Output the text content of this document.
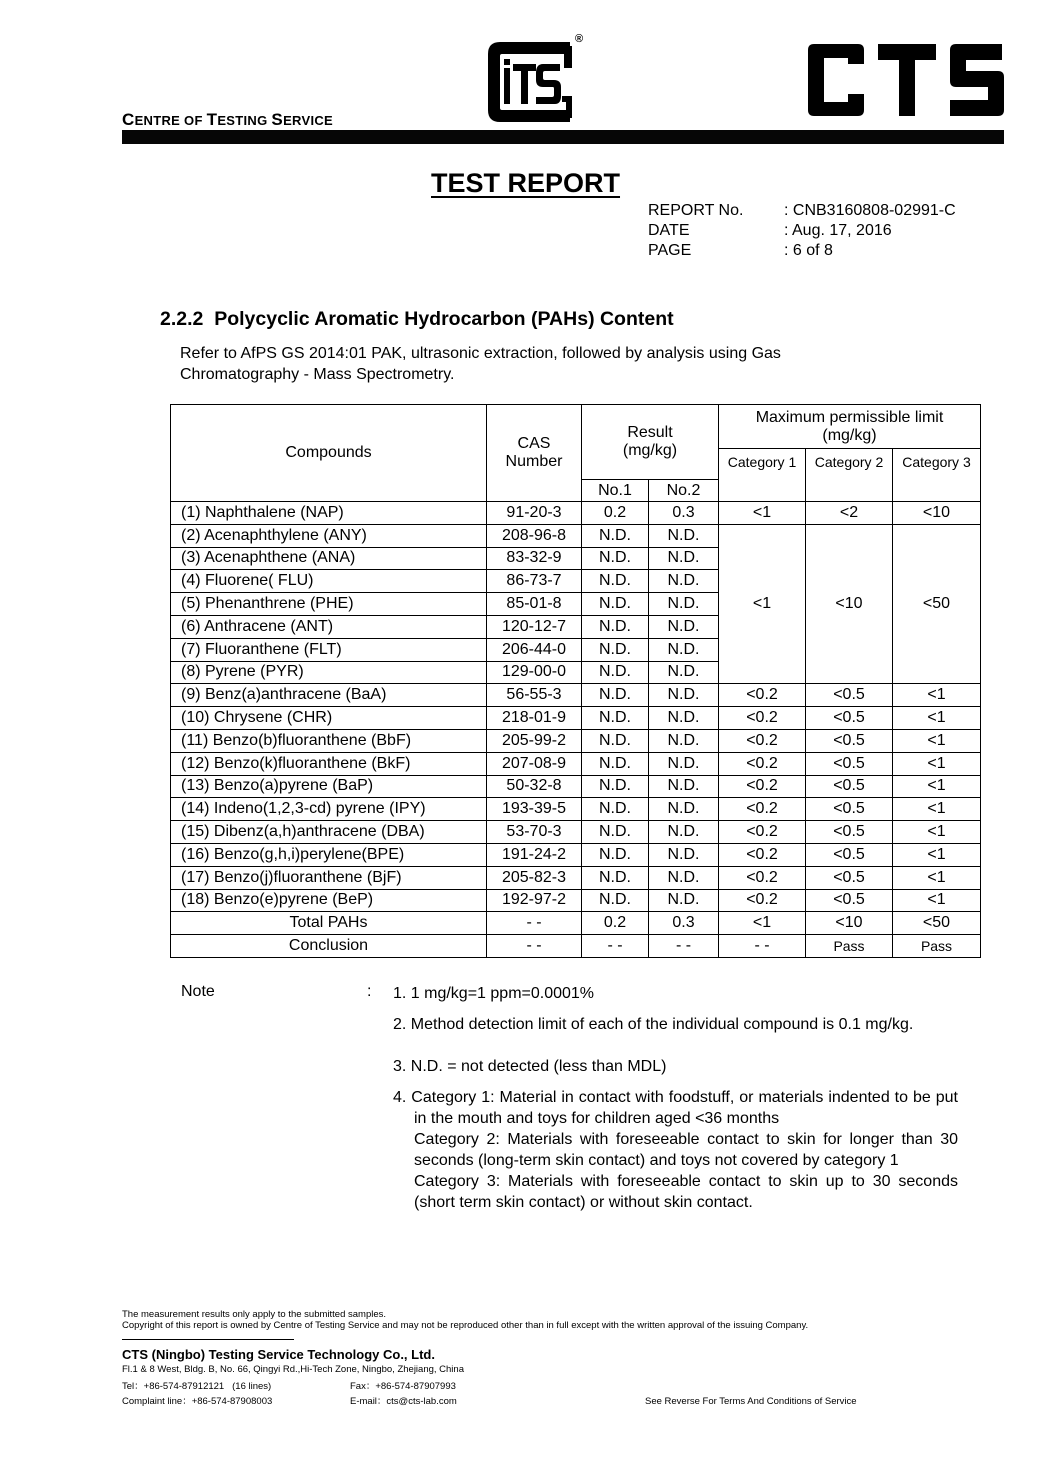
CENTRE OF TESTING SERVICE
®
TEST REPORT
REPORT No.	: CNB3160808-02991-C
DATE	: Aug. 17, 2016
PAGE	: 6 of 8
2.2.2  Polycyclic Aromatic Hydrocarbon (PAHs) Content
Refer to AfPS GS 2014:01 PAK, ultrasonic extraction, followed by analysis using Gas Chromatography - Mass Spectrometry.
Compounds	CAS Number	Result (mg/kg)		Maximum permissible limit (mg/kg)		
				Category 1	Category 2	Category 3
		No.1	No.2			
(1) Naphthalene (NAP)	91-20-3	0.2	0.3	<1	<2	<10
(2) Acenaphthylene (ANY)	208-96-8	N.D.	N.D.	<1	<10	<50
(3) Acenaphthene (ANA)	83-32-9	N.D.	N.D.			
(4) Fluorene( FLU)	86-73-7	N.D.	N.D.			
(5) Phenanthrene (PHE)	85-01-8	N.D.	N.D.			
(6) Anthracene (ANT)	120-12-7	N.D.	N.D.			
(7) Fluoranthene (FLT)	206-44-0	N.D.	N.D.			
(8) Pyrene (PYR)	129-00-0	N.D.	N.D.			
(9) Benz(a)anthracene (BaA)	56-55-3	N.D.	N.D.	<0.2	<0.5	<1
(10) Chrysene (CHR)	218-01-9	N.D.	N.D.	<0.2	<0.5	<1
(11) Benzo(b)fluoranthene (BbF)	205-99-2	N.D.	N.D.	<0.2	<0.5	<1
(12) Benzo(k)fluoranthene (BkF)	207-08-9	N.D.	N.D.	<0.2	<0.5	<1
(13) Benzo(a)pyrene (BaP)	50-32-8	N.D.	N.D.	<0.2	<0.5	<1
(14) Indeno(1,2,3-cd) pyrene (IPY)	193-39-5	N.D.	N.D.	<0.2	<0.5	<1
(15) Dibenz(a,h)anthracene (DBA)	53-70-3	N.D.	N.D.	<0.2	<0.5	<1
(16) Benzo(g,h,i)perylene(BPE)	191-24-2	N.D.	N.D.	<0.2	<0.5	<1
(17) Benzo(j)fluoranthene (BjF)	205-82-3	N.D.	N.D.	<0.2	<0.5	<1
(18) Benzo(e)pyrene (BeP)	192-97-2	N.D.	N.D.	<0.2	<0.5	<1
Total PAHs	- -	0.2	0.3	<1	<10	<50
Conclusion	- -	- -	- -	- -	Pass	Pass
Note	: 1. 1 mg/kg=1 ppm=0.0001%
2. Method detection limit of each of the individual compound is 0.1 mg/kg.
3. N.D. = not detected (less than MDL)
4. Category 1: Material in contact with foodstuff, or materials indented to be put in the mouth and toys for children aged <36 months
Category 2: Materials with foreseeable contact to skin for longer than 30 seconds (long-term skin contact) and toys not covered by category 1
Category 3: Materials with foreseeable contact to skin up to 30 seconds (short term skin contact) or without skin contact.
The measurement results only apply to the submitted samples.
Copyright of this report is owned by Centre of Testing Service and may not be reproduced other than in full except with the written approval of the issuing Company.
CTS (Ningbo) Testing Service Technology Co., Ltd.
Fl.1 & 8 West, Bldg. B, No. 66, Qingyi Rd.,Hi-Tech Zone, Ningbo, Zhejiang, China
Tel：+86-574-87912121   (16 lines)	Fax：+86-574-87907993
Complaint line：+86-574-87908003	E-mail：cts@cts-lab.com	See Reverse For Terms And Conditions of Service
